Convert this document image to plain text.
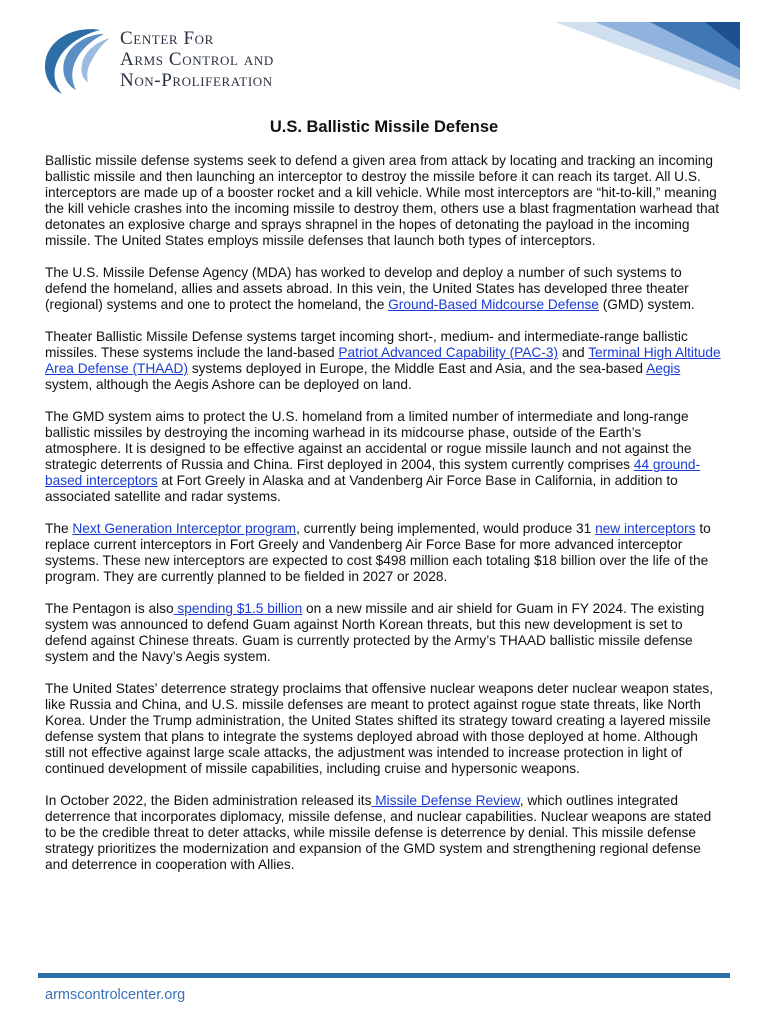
Center For
Arms Control and
Non-Proliferation
U.S. Ballistic Missile Defense

Ballistic missile defense systems seek to defend a given area from attack by locating and tracking an incoming ballistic missile and then launching an interceptor to destroy the missile before it can reach its target. All U.S. interceptors are made up of a booster rocket and a kill vehicle. While most interceptors are “hit-to-kill,” meaning the kill vehicle crashes into the incoming missile to destroy them, others use a blast fragmentation warhead that detonates an explosive charge and sprays shrapnel in the hopes of detonating the payload in the incoming missile. The United States employs missile defenses that launch both types of interceptors.

The U.S. Missile Defense Agency (MDA) has worked to develop and deploy a number of such systems to defend the homeland, allies and assets abroad. In this vein, the United States has developed three theater (regional) systems and one to protect the homeland, the Ground-Based Midcourse Defense (GMD) system.

Theater Ballistic Missile Defense systems target incoming short-, medium- and intermediate-range ballistic missiles. These systems include the land-based Patriot Advanced Capability (PAC-3) and Terminal High Altitude Area Defense (THAAD) systems deployed in Europe, the Middle East and Asia, and the sea-based Aegis system, although the Aegis Ashore can be deployed on land.

The GMD system aims to protect the U.S. homeland from a limited number of intermediate and long-range ballistic missiles by destroying the incoming warhead in its midcourse phase, outside of the Earth’s atmosphere. It is designed to be effective against an accidental or rogue missile launch and not against the strategic deterrents of Russia and China. First deployed in 2004, this system currently comprises 44 ground-based interceptors at Fort Greely in Alaska and at Vandenberg Air Force Base in California, in addition to associated satellite and radar systems.

The Next Generation Interceptor program, currently being implemented, would produce 31 new interceptors to replace current interceptors in Fort Greely and Vandenberg Air Force Base for more advanced interceptor systems. These new interceptors are expected to cost $498 million each totaling $18 billion over the life of the program. They are currently planned to be fielded in 2027 or 2028.

The Pentagon is also spending $1.5 billion on a new missile and air shield for Guam in FY 2024. The existing system was announced to defend Guam against North Korean threats, but this new development is set to defend against Chinese threats. Guam is currently protected by the Army’s THAAD ballistic missile defense system and the Navy’s Aegis system.

The United States’ deterrence strategy proclaims that offensive nuclear weapons deter nuclear weapon states, like Russia and China, and U.S. missile defenses are meant to protect against rogue state threats, like North Korea. Under the Trump administration, the United States shifted its strategy toward creating a layered missile defense system that plans to integrate the systems deployed abroad with those deployed at home. Although still not effective against large scale attacks, the adjustment was intended to increase protection in light of continued development of missile capabilities, including cruise and hypersonic weapons.

In October 2022, the Biden administration released its Missile Defense Review, which outlines integrated deterrence that incorporates diplomacy, missile defense, and nuclear capabilities. Nuclear weapons are stated to be the credible threat to deter attacks, while missile defense is deterrence by denial. This missile defense strategy prioritizes the modernization and expansion of the GMD system and strengthening regional defense and deterrence in cooperation with Allies.

armscontrolcenter.org
